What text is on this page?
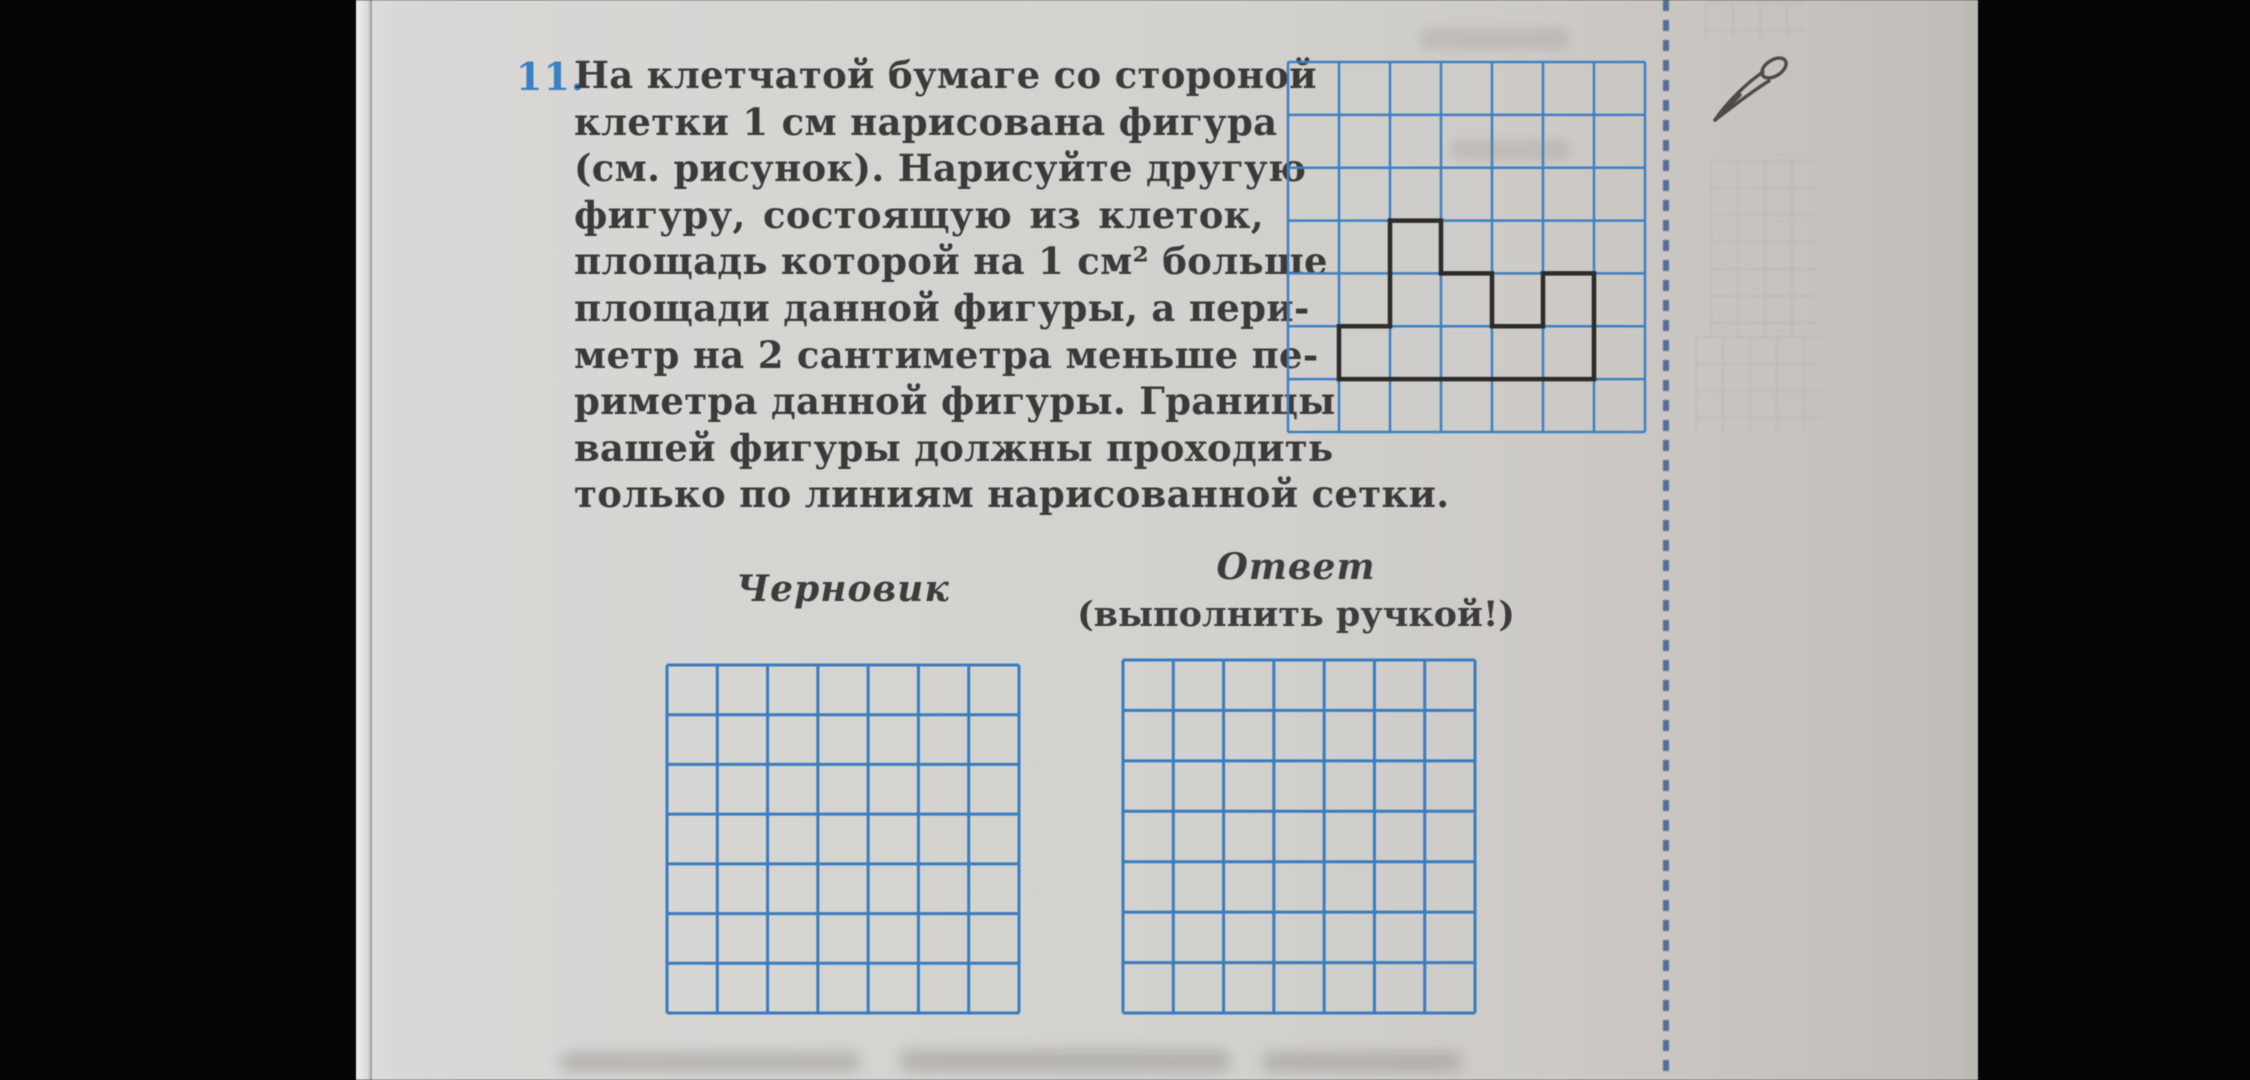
11.
На клетчатой бумаге со стороной
клетки 1 см нарисована фигура
(см. рисунок). Нарисуйте другую
фигуру, состоящую из клеток,
площадь которой на 1 см² больше
площади данной фигуры, а пери-
метр на 2 сантиметра меньше пе-
риметра данной фигуры. Границы
вашей фигуры должны проходить
только по линиям нарисованной сетки.
Черновик
Ответ
(выполнить ручкой!)
